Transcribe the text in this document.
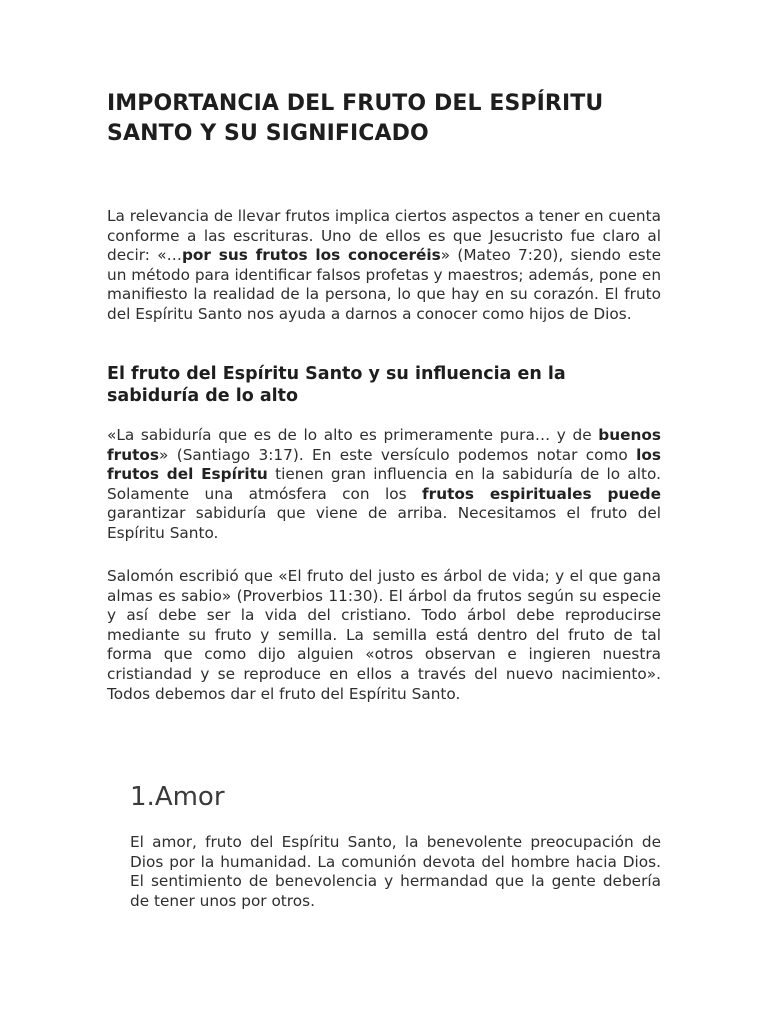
IMPORTANCIA DEL FRUTO DEL ESPÍRITU SANTO Y SU SIGNIFICADO

La relevancia de llevar frutos implica ciertos aspectos a tener en cuenta conforme a las escrituras. Uno de ellos es que Jesucristo fue claro al decir: «…por sus frutos los conoceréis» (Mateo 7:20), siendo este un método para identificar falsos profetas y maestros; además, pone en manifiesto la realidad de la persona, lo que hay en su corazón. El fruto del Espíritu Santo nos ayuda a darnos a conocer como hijos de Dios.

El fruto del Espíritu Santo y su influencia en la sabiduría de lo alto

«La sabiduría que es de lo alto es primeramente pura… y de buenos frutos» (Santiago 3:17). En este versículo podemos notar como los frutos del Espíritu tienen gran influencia en la sabiduría de lo alto. Solamente una atmósfera con los frutos espirituales puede garantizar sabiduría que viene de arriba. Necesitamos el fruto del Espíritu Santo.

Salomón escribió que «El fruto del justo es árbol de vida; y el que gana almas es sabio» (Proverbios 11:30). El árbol da frutos según su especie y así debe ser la vida del cristiano. Todo árbol debe reproducirse mediante su fruto y semilla. La semilla está dentro del fruto de tal forma que como dijo alguien «otros observan e ingieren nuestra cristiandad y se reproduce en ellos a través del nuevo nacimiento». Todos debemos dar el fruto del Espíritu Santo.

1.Amor

El amor, fruto del Espíritu Santo, la benevolente preocupación de Dios por la humanidad. La comunión devota del hombre hacia Dios. El sentimiento de benevolencia y hermandad que la gente debería de tener unos por otros.
